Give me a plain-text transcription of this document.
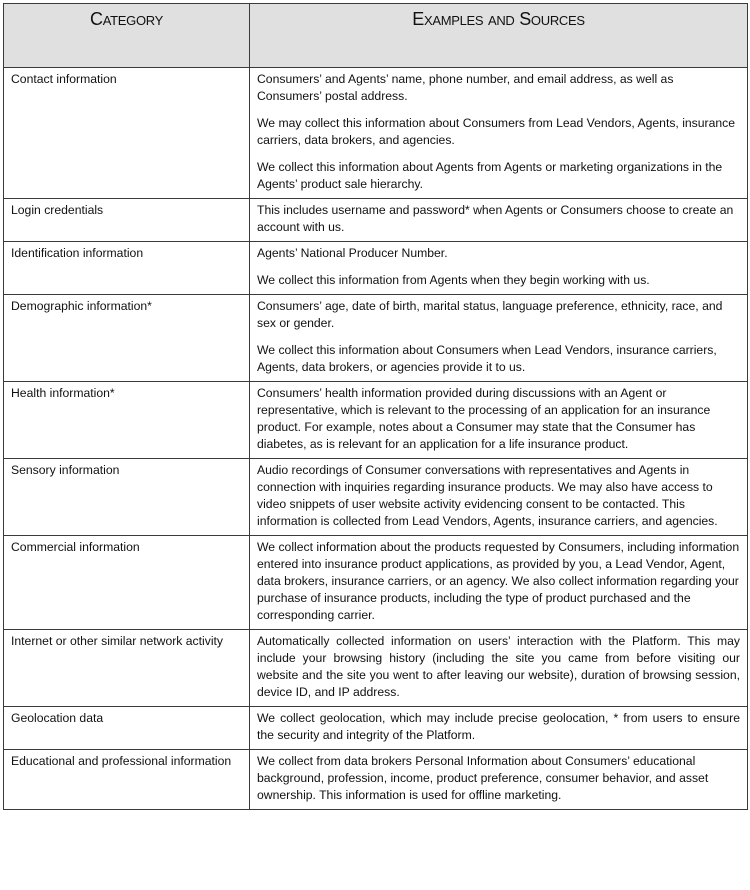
Category	Examples and Sources
Contact information	Consumers’ and Agents’ name, phone number, and email address, as well as Consumers’ postal address.

We may collect this information about Consumers from Lead Vendors, Agents, insurance carriers, data brokers, and agencies.

We collect this information about Agents from Agents or marketing organizations in the Agents’ product sale hierarchy.

Login credentials	This includes username and password* when Agents or Consumers choose to create an account with us.

Identification information	Agents’ National Producer Number.

We collect this information from Agents when they begin working with us.

Demographic information*	Consumers’ age, date of birth, marital status, language preference, ethnicity, race, and sex or gender.

We collect this information about Consumers when Lead Vendors, insurance carriers, Agents, data brokers, or agencies provide it to us.

Health information*	Consumers’ health information provided during discussions with an Agent or representative, which is relevant to the processing of an application for an insurance product. For example, notes about a Consumer may state that the Consumer has diabetes, as is relevant for an application for a life insurance product.

Sensory information	Audio recordings of Consumer conversations with representatives and Agents in connection with inquiries regarding insurance products. We may also have access to video snippets of user website activity evidencing consent to be contacted. This information is collected from Lead Vendors, Agents, insurance carriers, and agencies.

Commercial information	We collect information about the products requested by Consumers, including information entered into insurance product applications, as provided by you, a Lead Vendor, Agent, data brokers, insurance carriers, or an agency. We also collect information regarding your purchase of insurance products, including the type of product purchased and the corresponding carrier.

Internet or other similar network activity	Automatically collected information on users’ interaction with the Platform. This may include your browsing history (including the site you came from before visiting our website and the site you went to after leaving our website), duration of browsing session, device ID, and IP address.

Geolocation data	We collect geolocation, which may include precise geolocation, * from users to ensure the security and integrity of the Platform.

Educational and professional information	We collect from data brokers Personal Information about Consumers’ educational background, profession, income, product preference, consumer behavior, and asset ownership. This information is used for offline marketing.
